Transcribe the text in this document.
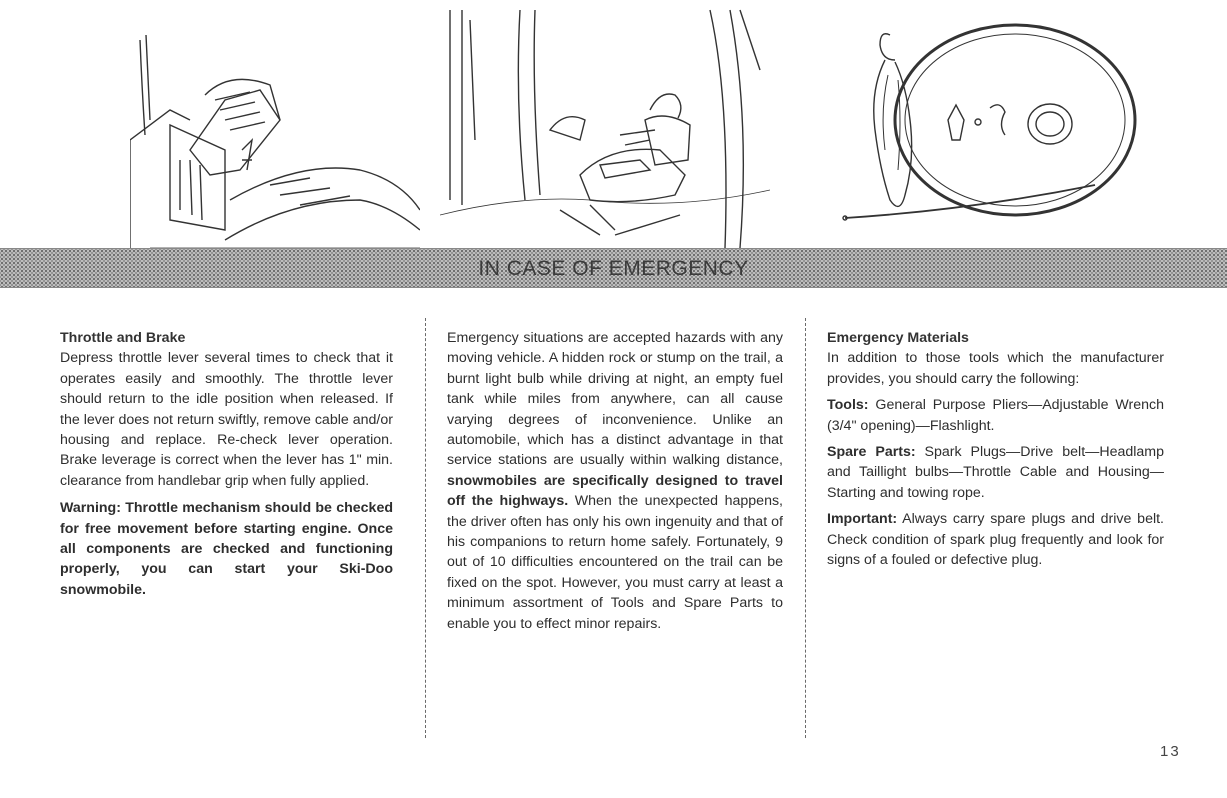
IN CASE OF EMERGENCY
Throttle and Brake

Depress throttle lever several times to check that it operates easily and smoothly. The throttle lever should return to the idle position when released. If the lever does not return swiftly, remove cable and/or housing and replace. Re-check lever operation. Brake leverage is correct when the lever has 1" min. clearance from handlebar grip when fully applied.

Warning: Throttle mechanism should be checked for free movement before starting engine. Once all components are checked and functioning properly, you can start your Ski-Doo snowmobile.

Emergency situations are accepted hazards with any moving vehicle. A hidden rock or stump on the trail, a burnt light bulb while driving at night, an empty fuel tank while miles from anywhere, can all cause varying degrees of inconvenience. Unlike an automobile, which has a distinct advantage in that service stations are usually within walking distance, snowmobiles are specifically designed to travel off the highways. When the unexpected happens, the driver often has only his own ingenuity and that of his companions to return home safely. Fortunately, 9 out of 10 difficulties encountered on the trail can be fixed on the spot. However, you must carry at least a minimum assortment of Tools and Spare Parts to enable you to effect minor repairs.

Emergency Materials

In addition to those tools which the manufacturer provides, you should carry the following:

Tools: General Purpose Pliers—Adjustable Wrench (3/4" opening)—Flashlight.

Spare Parts: Spark Plugs—Drive belt—Headlamp and Taillight bulbs—Throttle Cable and Housing—Starting and towing rope.

Important: Always carry spare plugs and drive belt. Check condition of spark plug frequently and look for signs of a fouled or defective plug.

13
